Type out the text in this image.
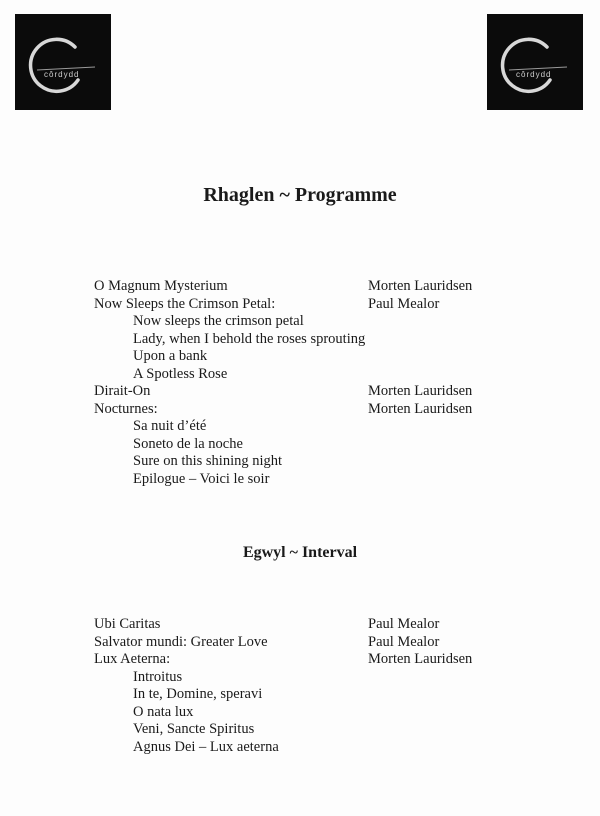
côrdydd	côrdydd
Rhaglen ~ Programme
O Magnum Mysterium	Morten Lauridsen
Now Sleeps the Crimson Petal:	Paul Mealor
Now sleeps the crimson petal
Lady, when I behold the roses sprouting
Upon a bank
A Spotless Rose
Dirait-On	Morten Lauridsen
Nocturnes:	Morten Lauridsen
Sa nuit d’été
Soneto de la noche
Sure on this shining night
Epilogue – Voici le soir
Egwyl ~ Interval
Ubi Caritas	Paul Mealor
Salvator mundi: Greater Love	Paul Mealor
Lux Aeterna:	Morten Lauridsen
Introitus
In te, Domine, speravi
O nata lux
Veni, Sancte Spiritus
Agnus Dei – Lux aeterna
